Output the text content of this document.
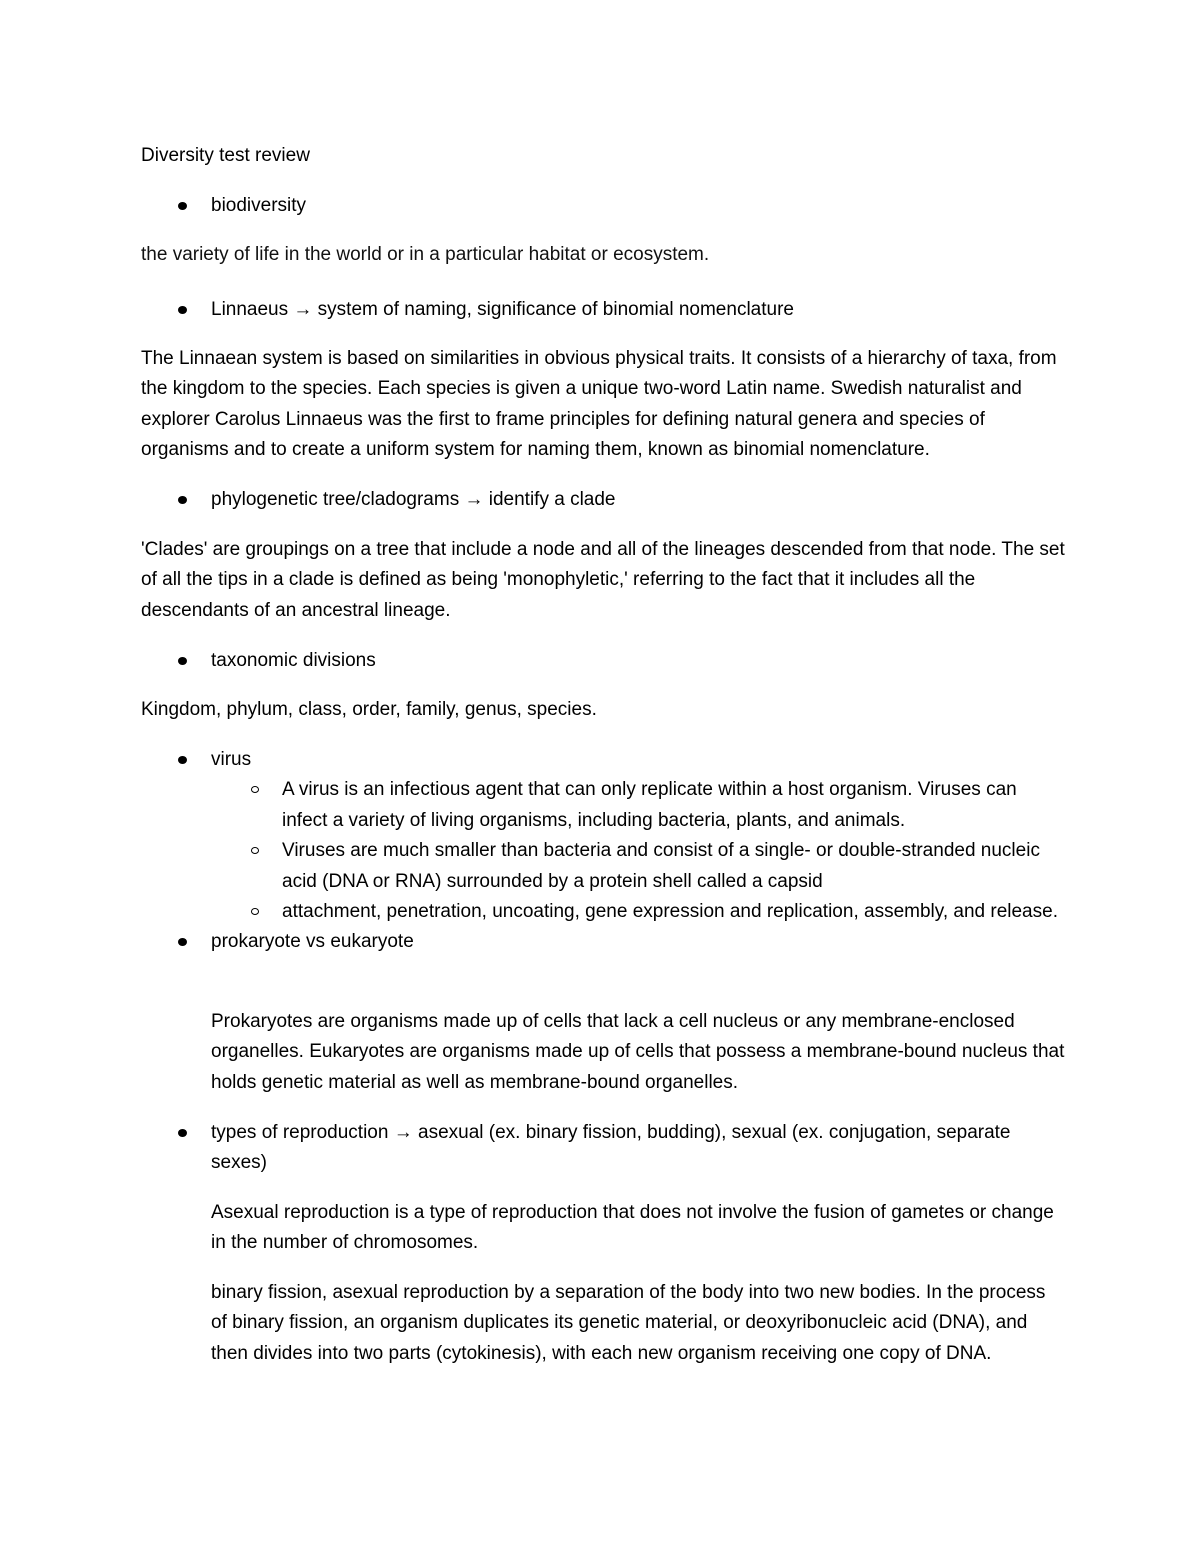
Diversity test review

biodiversity

the variety of life in the world or in a particular habitat or ecosystem.

Linnaeus → system of naming, significance of binomial nomenclature

The Linnaean system is based on similarities in obvious physical traits. It consists of a hierarchy of taxa, from the kingdom to the species. Each species is given a unique two-word Latin name. Swedish naturalist and explorer Carolus Linnaeus was the first to frame principles for defining natural genera and species of organisms and to create a uniform system for naming them, known as binomial nomenclature.

phylogenetic tree/cladograms → identify a clade

'Clades' are groupings on a tree that include a node and all of the lineages descended from that node. The set of all the tips in a clade is defined as being 'monophyletic,' referring to the fact that it includes all the descendants of an ancestral lineage.

taxonomic divisions

Kingdom, phylum, class, order, family, genus, species.

virus
A virus is an infectious agent that can only replicate within a host organism. Viruses can infect a variety of living organisms, including bacteria, plants, and animals.
Viruses are much smaller than bacteria and consist of a single- or double-stranded nucleic acid (DNA or RNA) surrounded by a protein shell called a capsid
attachment, penetration, uncoating, gene expression and replication, assembly, and release.
prokaryote vs eukaryote

Prokaryotes are organisms made up of cells that lack a cell nucleus or any membrane-enclosed organelles. Eukaryotes are organisms made up of cells that possess a membrane-bound nucleus that holds genetic material as well as membrane-bound organelles.

types of reproduction → asexual (ex. binary fission, budding), sexual (ex. conjugation, separate sexes)

Asexual reproduction is a type of reproduction that does not involve the fusion of gametes or change in the number of chromosomes.

binary fission, asexual reproduction by a separation of the body into two new bodies. In the process of binary fission, an organism duplicates its genetic material, or deoxyribonucleic acid (DNA), and then divides into two parts (cytokinesis), with each new organism receiving one copy of DNA.
